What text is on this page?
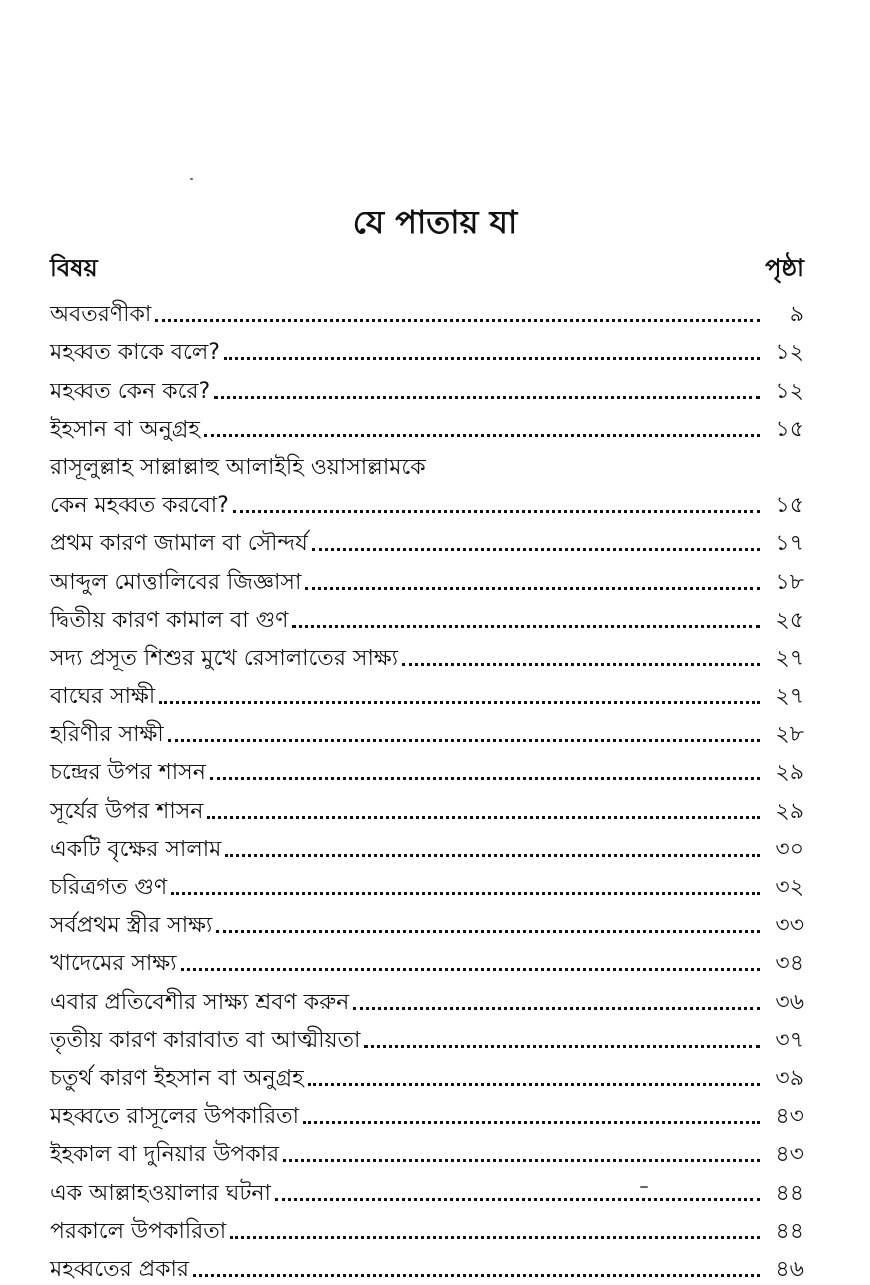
যে পাতায় যা
বিষয়	পৃষ্ঠা
অবতরণীকা	৯
মহব্বত কাকে বলে?	১২
মহব্বত কেন করে?	১২
ইহসান বা অনুগ্রহ	১৫
রাসূলুল্লাহ সাল্লাল্লাহু আলাইহি ওয়াসাল্লামকে
কেন মহব্বত করবো?	১৫
প্রথম কারণ জামাল বা সৌন্দর্য	১৭
আব্দুল মোত্তালিবের জিজ্ঞাসা	১৮
দ্বিতীয় কারণ কামাল বা গুণ	২৫
সদ্য প্রসূত শিশুর মুখে রেসালাতের সাক্ষ্য	২৭
বাঘের সাক্ষী	২৭
হরিণীর সাক্ষী	২৮
চন্দ্রের উপর শাসন	২৯
সূর্যের উপর শাসন	২৯
একটি বৃক্ষের সালাম	৩০
চরিত্রগত গুণ	৩২
সর্বপ্রথম স্ত্রীর সাক্ষ্য	৩৩
খাদেমের সাক্ষ্য	৩৪
এবার প্রতিবেশীর সাক্ষ্য শ্রবণ করুন	৩৬
তৃতীয় কারণ কারাবাত বা আত্মীয়তা	৩৭
চতুর্থ কারণ ইহসান বা অনুগ্রহ	৩৯
মহব্বতে রাসূলের উপকারিতা	৪৩
ইহকাল বা দুনিয়ার উপকার	৪৩
এক আল্লাহওয়ালার ঘটনা	৪৪
পরকালে উপকারিতা	৪৪
মহব্বতের প্রকার	৪৬
